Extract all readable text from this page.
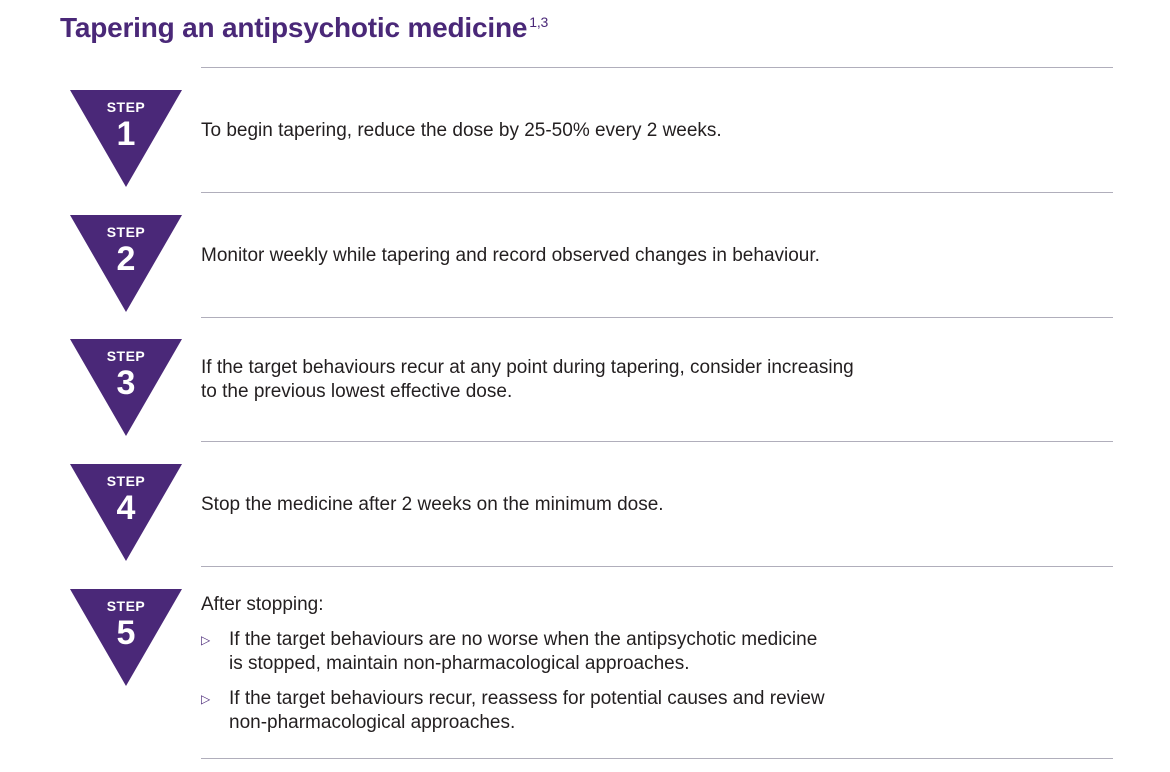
Tapering an antipsychotic medicine $^{1,3}$
STEP
1	To begin tapering, reduce the dose by 25-50% every 2 weeks.
STEP
2	Monitor weekly while tapering and record observed changes in behaviour.
STEP
3	If the target behaviours recur at any point during tapering, consider increasing
to the previous lowest effective dose.
STEP
4	Stop the medicine after 2 weeks on the minimum dose.
STEP
5
After stopping:
▷ If the target behaviours are no worse when the antipsychotic medicine
is stopped, maintain non-pharmacological approaches.
▷ If the target behaviours recur, reassess for potential causes and review
non-pharmacological approaches.
